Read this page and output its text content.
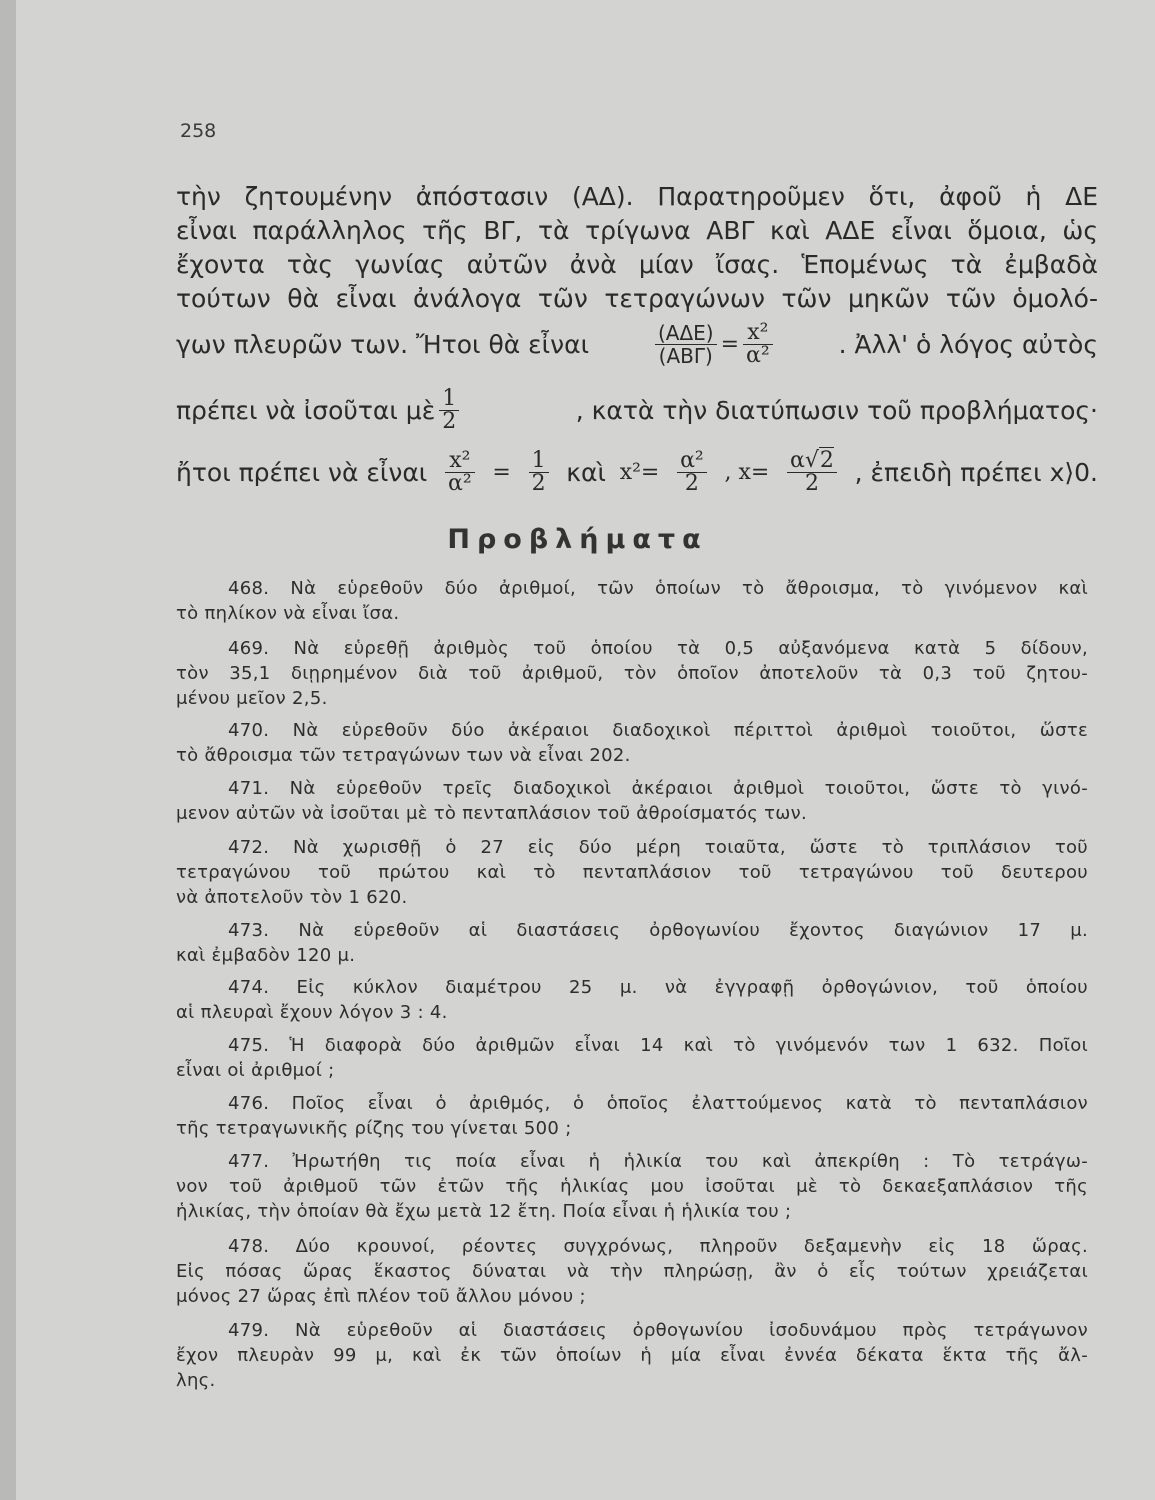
258
τὴν ζητουμένην ἀπόστασιν (ΑΔ). Παρατηροῦμεν ὅτι, ἀφοῦ ἡ ΔΕ
εἶναι παράλληλος τῆς ΒΓ, τὰ τρίγωνα ΑΒΓ καὶ ΑΔΕ εἶναι ὅμοια, ὡς
ἔχοντα τὰς γωνίας αὐτῶν ἀνὰ μίαν ἴσας. Ἑπομένως τὰ ἐμβαδὰ
τούτων θὰ εἶναι ἀνάλογα τῶν τετραγώνων τῶν μηκῶν τῶν ὁμολό-
γων πλευρῶν των. Ἤτοι θὰ εἶναι	$\frac{\text{(ΑΔΕ)}}{\text{(ΑΒΓ)}} = \frac{\text{x²}}{\text{α²}}$	. Ἀλλ' ὁ λόγος αὐτὸς
πρέπει νὰ ἰσοῦται μὲ $\frac{1}{2}$	, κατὰ τὴν διατύπωσιν τοῦ προβλήματος·
ἤτοι πρέπει νὰ εἶναι $\frac{\text{x²}}{\text{α²}} = \frac{1}{2}$ καὶ $x^2= \frac{\text{α²}}{2}$ , $x= \frac{\alpha√2}{2}$ , ἐπειδὴ πρέπει x⟩0.
Προβλήματα
468. Νὰ εὑρεθοῦν δύο ἀριθμοί, τῶν ὁποίων τὸ ἄθροισμα, τὸ γινόμενον καὶ
τὸ πηλίκον νὰ εἶναι ἴσα.
469. Νὰ εὑρεθῇ ἀριθμὸς τοῦ ὁποίου τὰ 0,5 αὐξανόμενα κατὰ 5 δίδουν,
τὸν 35,1 διῃρημένον διὰ τοῦ ἀριθμοῦ, τὸν ὁποῖον ἀποτελοῦν τὰ 0,3 τοῦ ζητου-
μένου μεῖον 2,5.
470. Νὰ εὑρεθοῦν δύο ἀκέραιοι διαδοχικοὶ πέριττοὶ ἀριθμοὶ τοιοῦτοι, ὥστε
τὸ ἄθροισμα τῶν τετραγώνων των νὰ εἶναι 202.
471. Νὰ εὑρεθοῦν τρεῖς διαδοχικοὶ ἀκέραιοι ἀριθμοὶ τοιοῦτοι, ὥστε τὸ γινό-
μενον αὐτῶν νὰ ἰσοῦται μὲ τὸ πενταπλάσιον τοῦ ἀθροίσματός των.
472. Νὰ χωρισθῇ ὁ 27 εἰς δύο μέρη τοιαῦτα, ὥστε τὸ τριπλάσιον τοῦ
τετραγώνου τοῦ πρώτου καὶ τὸ πενταπλάσιον τοῦ τετραγώνου τοῦ δευτερου
νὰ ἀποτελοῦν τὸν 1 620.
473. Νὰ εὑρεθοῦν αἱ διαστάσεις ὀρθογωνίου ἔχοντος διαγώνιον 17 μ.
καὶ ἐμβαδὸν 120 μ.
474. Εἰς κύκλον διαμέτρου 25 μ. νὰ ἐγγραφῇ ὀρθογώνιον, τοῦ ὁποίου
αἱ πλευραὶ ἔχουν λόγον 3 : 4.
475. Ἡ διαφορὰ δύο ἀριθμῶν εἶναι 14 καὶ τὸ γινόμενόν των 1 632. Ποῖοι
εἶναι οἱ ἀριθμοί ;
476. Ποῖος εἶναι ὁ ἀριθμός, ὁ ὁποῖος ἐλαττούμενος κατὰ τὸ πενταπλάσιον
τῆς τετραγωνικῆς ρίζης του γίνεται 500 ;
477. Ἠρωτήθη τις ποία εἶναι ἡ ἡλικία του καὶ ἀπεκρίθη : Τὸ τετράγω-
νον τοῦ ἀριθμοῦ τῶν ἐτῶν τῆς ἡλικίας μου ἰσοῦται μὲ τὸ δεκαεξαπλάσιον τῆς
ἡλικίας, τὴν ὁποίαν θὰ ἔχω μετὰ 12 ἔτη. Ποία εἶναι ἡ ἡλικία του ;
478. Δύο κρουνοί, ρέοντες συγχρόνως, πληροῦν δεξαμενὴν εἰς 18 ὥρας.
Εἰς πόσας ὥρας ἕκαστος δύναται νὰ τὴν πληρώσῃ, ἂν ὁ εἷς τούτων χρειάζεται
μόνος 27 ὥρας ἐπὶ πλέον τοῦ ἄλλου μόνου ;
479. Νὰ εὑρεθοῦν αἱ διαστάσεις ὀρθογωνίου ἰσοδυνάμου πρὸς τετράγωνον
ἔχον πλευρὰν 99 μ, καὶ ἐκ τῶν ὁποίων ἡ μία εἶναι ἐννέα δέκατα ἕκτα τῆς ἄλ-
λης.
